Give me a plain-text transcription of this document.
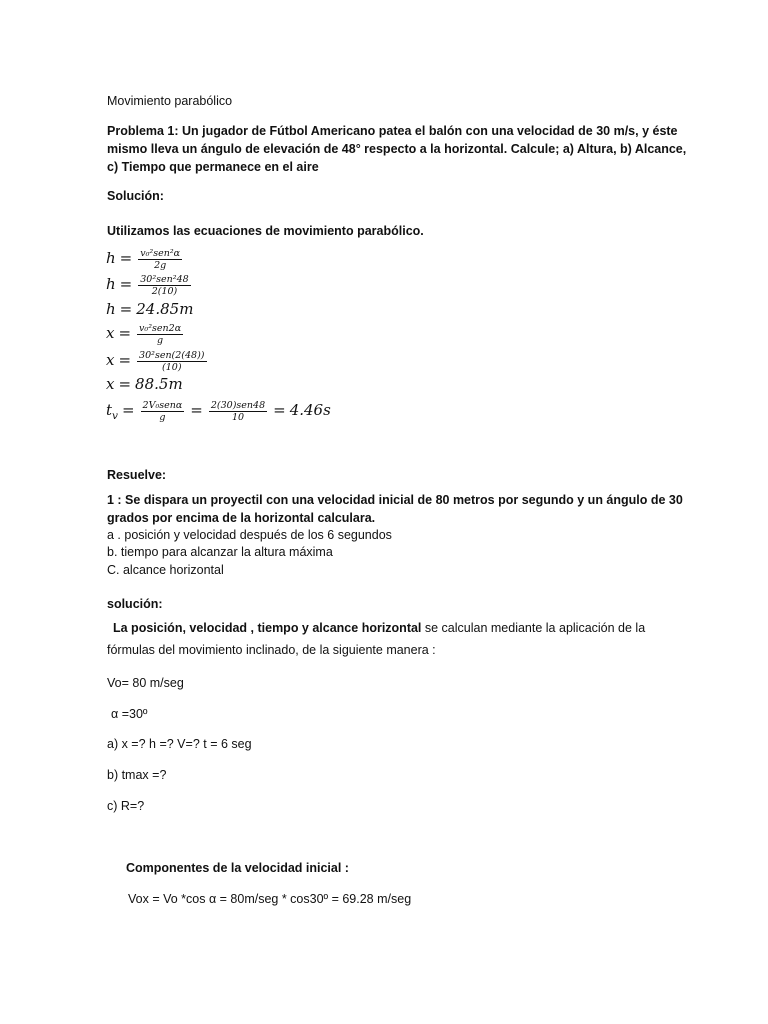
Movimiento parabólico
Problema 1: Un jugador de Fútbol Americano patea el balón con una velocidad de 30 m/s, y éste
mismo lleva un ángulo de elevación de 48° respecto a la horizontal. Calcule; a) Altura, b) Alcance,
c) Tiempo que permanece en el aire
Solución:
Utilizamos las ecuaciones de movimiento parabólico.
$h = \frac{\text{v₀²sen²α}}{2g}$
$h = \frac{\text{30²sen²48}}{2(10)}$
h = 24.85m
$x = \frac{\text{v₀²sen2α}}{g}$
$x = \frac{\text{30²sen(2(48))}}{(10)}$
x = 88.5m
$t_v = \frac{\text{2V₀senα}}{g} = \frac{\text{2(30)sen48}}{10} = 4.46s$
Resuelve:
1 : Se dispara un proyectil con una velocidad inicial de 80 metros por segundo y un ángulo de 30
grados por encima de la horizontal calculara.
a . posición y velocidad después de los 6 segundos
b. tiempo para alcanzar la altura máxima
C. alcance horizontal
solución:
La posición, velocidad , tiempo y alcance horizontal se calculan mediante la aplicación de la
fórmulas del movimiento inclinado, de la siguiente manera :
Vo= 80 m/seg
α =30º
a) x =? h =? V=? t = 6 seg
b) tmax =?
c) R=?
Componentes de la velocidad inicial :
Vox = Vo *cos α = 80m/seg * cos30º = 69.28 m/seg
